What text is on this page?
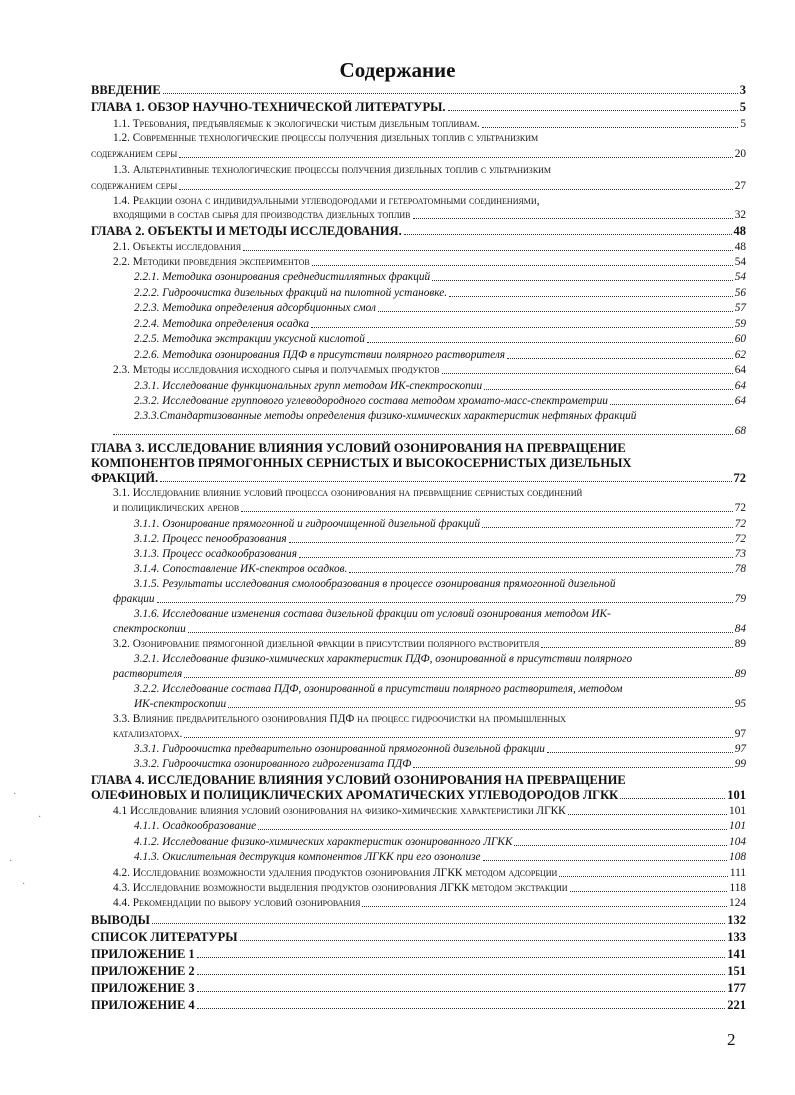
Содержание
ВВЕДЕНИЕ	3
ГЛАВА 1. ОБЗОР НАУЧНО-ТЕХНИЧЕСКОЙ ЛИТЕРАТУРЫ.	5
1.1. Требования, предъявляемые к экологически чистым дизельным топливам.	5
1.2. Современные технологические процессы получения дизельных топлив с ультранизким
содержанием серы	20
1.3. Альтернативные технологические процессы получения дизельных топлив с ультранизким
содержанием серы	27
1.4. Реакции озона с индивидуальными углеводородами и гетероатомными соединениями,
входящими в состав сырья для производства дизельных топлив	32
ГЛАВА 2. ОБЪЕКТЫ И МЕТОДЫ ИССЛЕДОВАНИЯ.	48
2.1. Объекты исследования	48
2.2. Методики проведения экспериментов	54
2.2.1. Методика озонирования среднедистиллятных фракций	54
2.2.2. Гидроочистка дизельных фракций на пилотной установке.	56
2.2.3. Методика определения адсорбционных смол	57
2.2.4. Методика определения осадка	59
2.2.5. Методика экстракции уксусной кислотой	60
2.2.6. Методика озонирования ПДФ в присутствии полярного растворителя	62
2.3. Методы исследования исходного сырья и получаемых продуктов	64
2.3.1. Исследование функциональных групп методом ИК-спектроскопии	64
2.3.2. Исследование группового углеводородного состава методом хромато-масс-спектрометрии	64
2.3.3.Стандартизованные методы определения физико-химических характеристик нефтяных фракций
68
ГЛАВА 3. ИССЛЕДОВАНИЕ ВЛИЯНИЯ УСЛОВИЙ ОЗОНИРОВАНИЯ НА ПРЕВРАЩЕНИЕ
КОМПОНЕНТОВ ПРЯМОГОННЫХ СЕРНИСТЫХ И ВЫСОКОСЕРНИСТЫХ ДИЗЕЛЬНЫХ
ФРАКЦИЙ.	72
3.1. Исследование влияние условий процесса озонирования на превращение сернистых соединений
и полициклических аренов	72
3.1.1. Озонирование прямогонной и гидроочищенной дизельной фракций	72
3.1.2. Процесс пенообразования	72
3.1.3. Процесс осадкообразования	73
3.1.4. Сопоставление ИК-спектров осадков.	78
3.1.5. Результаты исследования смолообразования в процессе озонирования прямогонной дизельной
фракции	79
3.1.6. Исследование изменения состава дизельной фракции от условий озонирования методом ИК-
спектроскопии	84
3.2. Озонирование прямогонной дизельной фракции в присутствии полярного растворителя	89
3.2.1. Исследование физико-химических характеристик ПДФ, озонированной в присутствии полярного
растворителя	89
3.2.2. Исследование состава ПДФ, озонированной в присутствии полярного растворителя, методом
ИК-спектроскопии	95
3.3. Влияние предварительного озонирования ПДФ на процесс гидроочистки на промышленных
катализаторах.	97
3.3.1. Гидроочистка предварительно озонированной прямогонной дизельной фракции	97
3.3.2. Гидроочистка озонированного гидрогенизата ПДФ	99
ГЛАВА 4. ИССЛЕДОВАНИЕ ВЛИЯНИЯ УСЛОВИЙ ОЗОНИРОВАНИЯ НА ПРЕВРАЩЕНИЕ
ОЛЕФИНОВЫХ И ПОЛИЦИКЛИЧЕСКИХ АРОМАТИЧЕСКИХ УГЛЕВОДОРОДОВ ЛГКК	101
4.1 Исследование влияния условий озонирования на физико-химические характеристики ЛГКК	101
4.1.1. Осадкообразование	101
4.1.2. Исследование физико-химических характеристик озонированного ЛГКК	104
4.1.3. Окислительная деструкция компонентов ЛГКК при его озонолизе	108
4.2. Исследование возможности удаления продуктов озонирования ЛГКК методом адсорбции	111
4.3. Исследование возможности выделения продуктов озонирования ЛГКК методом экстракции	118
4.4. Рекомендации по выбору условий озонирования	124
ВЫВОДЫ	132
СПИСОК ЛИТЕРАТУРЫ	133
ПРИЛОЖЕНИЕ 1	141
ПРИЛОЖЕНИЕ 2	151
ПРИЛОЖЕНИЕ 3	177
ПРИЛОЖЕНИЕ 4	221
·
·
·
·
2
